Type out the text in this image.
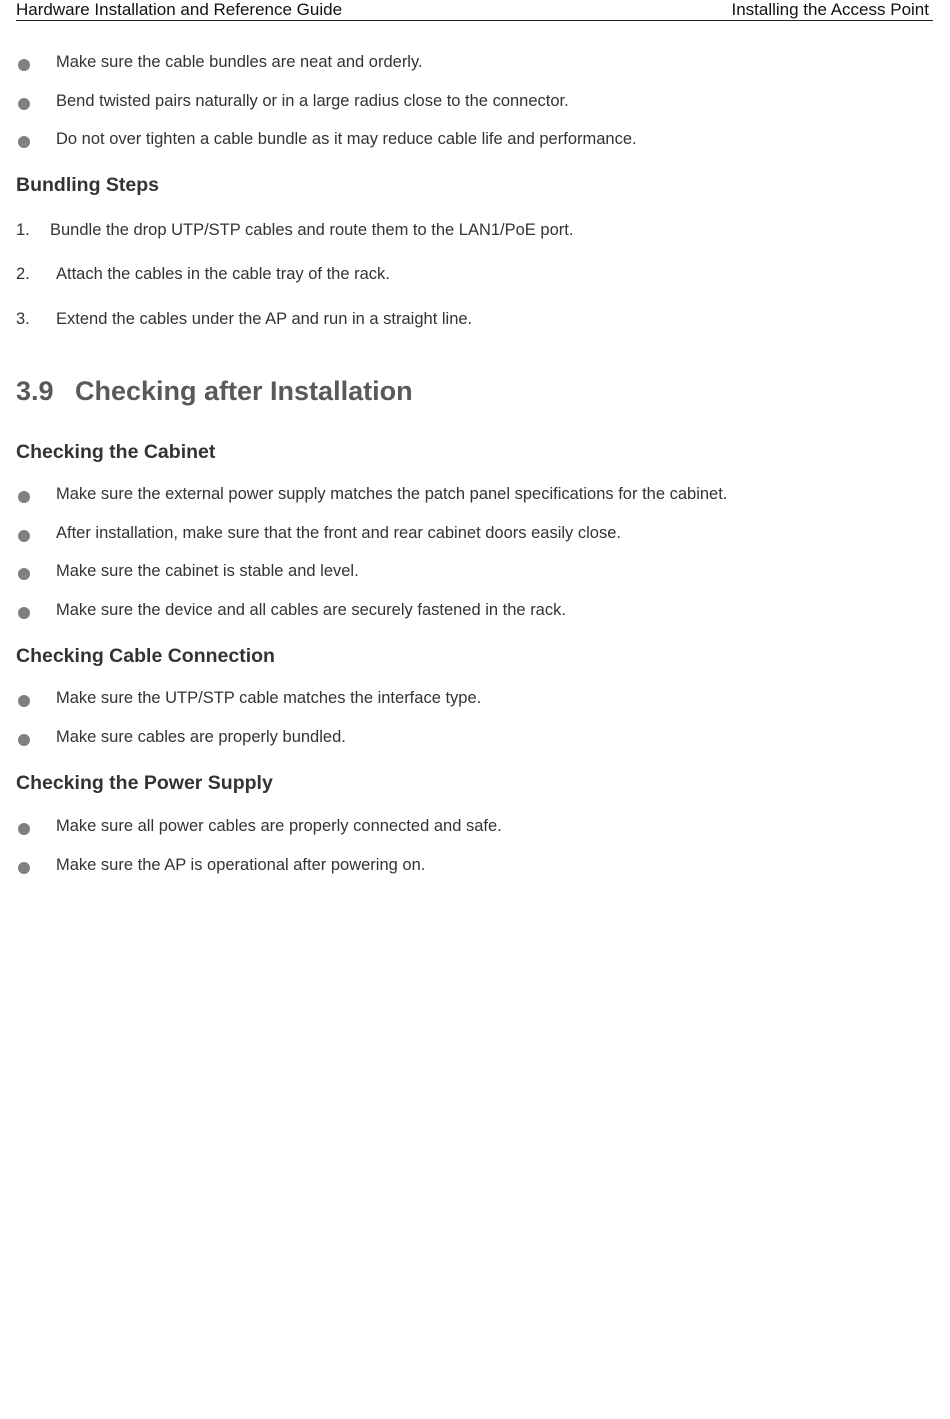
Hardware Installation and Reference Guide	Installing the Access Point
Make sure the cable bundles are neat and orderly.
Bend twisted pairs naturally or in a large radius close to the connector.
Do not over tighten a cable bundle as it may reduce cable life and performance.
Bundling Steps
1. Bundle the drop UTP/STP cables and route them to the LAN1/PoE port.
2. Attach the cables in the cable tray of the rack.
3. Extend the cables under the AP and run in a straight line.
3.9 Checking after Installation
Checking the Cabinet
Make sure the external power supply matches the patch panel specifications for the cabinet.
After installation, make sure that the front and rear cabinet doors easily close.
Make sure the cabinet is stable and level.
Make sure the device and all cables are securely fastened in the rack.
Checking Cable Connection
Make sure the UTP/STP cable matches the interface type.
Make sure cables are properly bundled.
Checking the Power Supply
Make sure all power cables are properly connected and safe.
Make sure the AP is operational after powering on.
